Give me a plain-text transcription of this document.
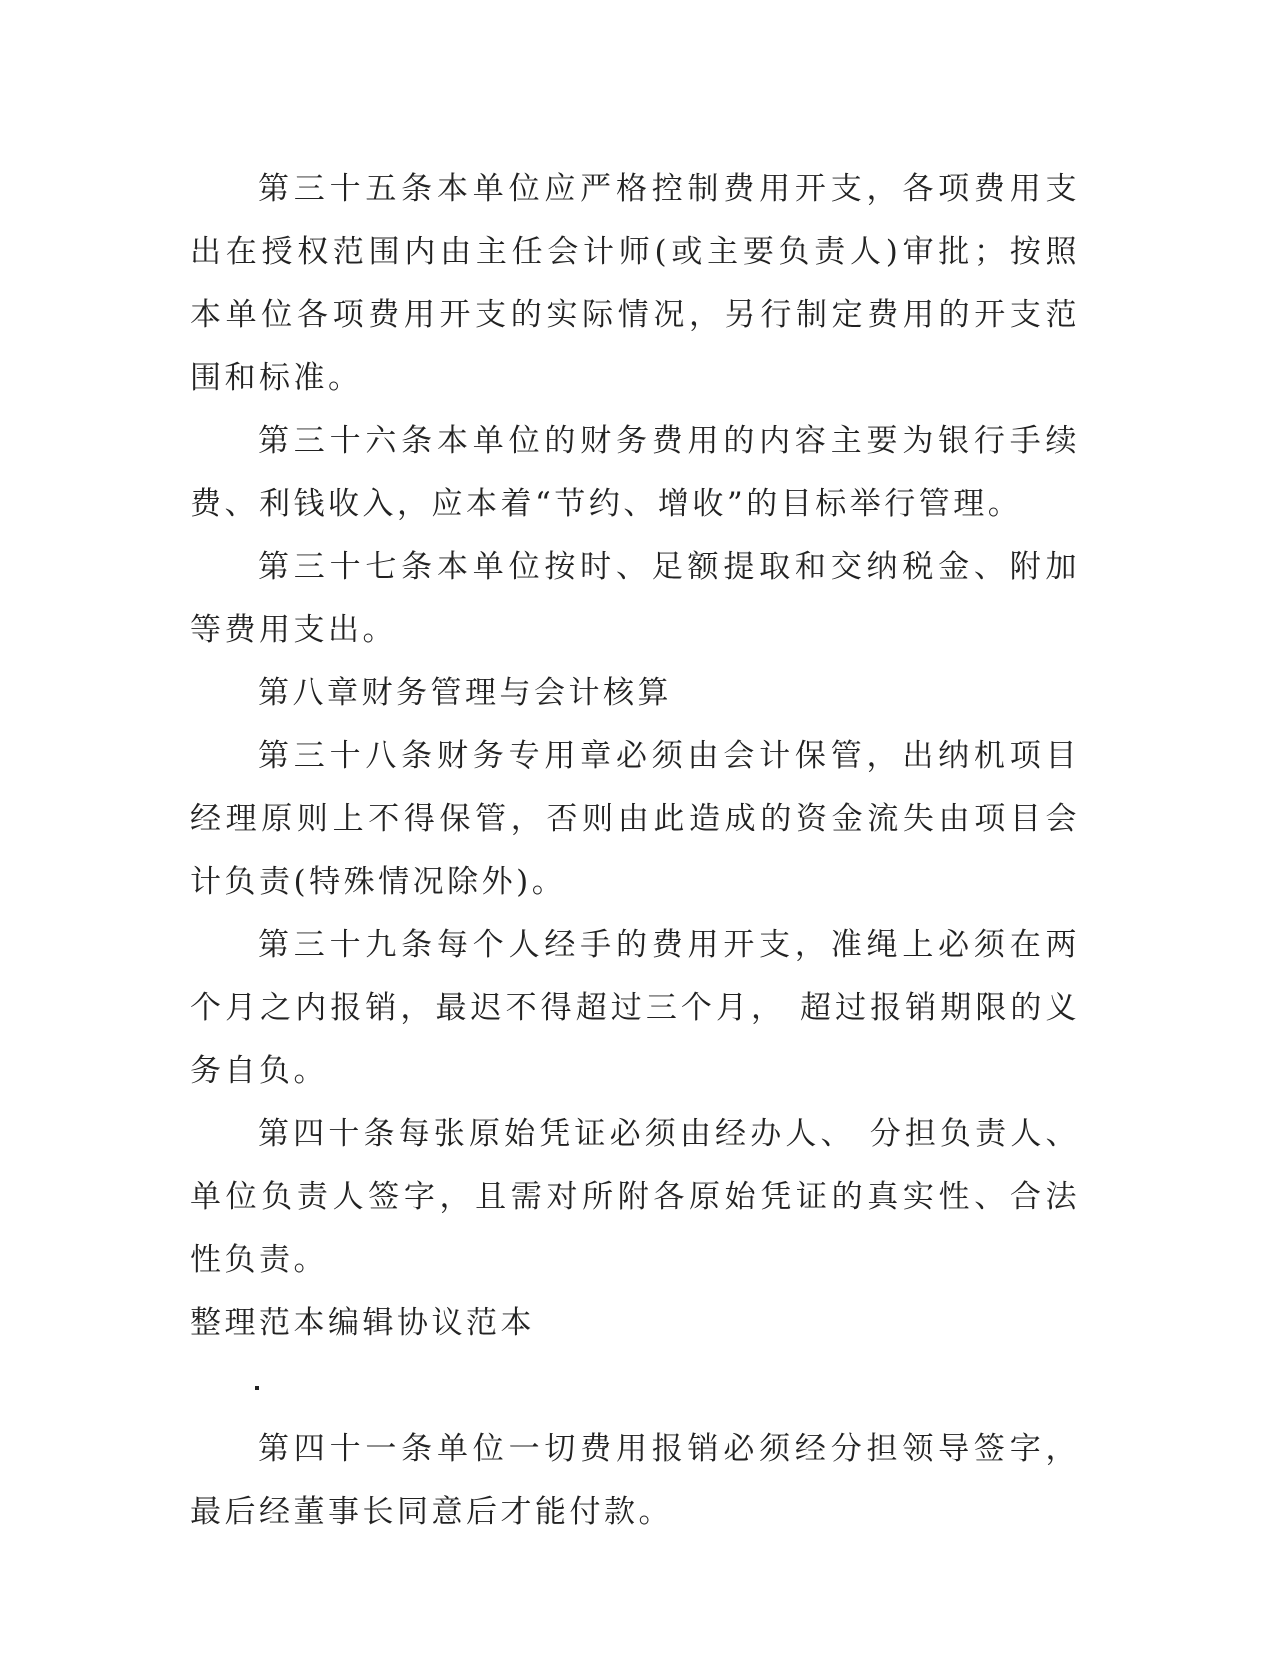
第三十五条本单位应严格控制费用开支，各项费用支出在授权范围内由主任会计师(或主要负责人)审批；按照本单位各项费用开支的实际情况，另行制定费用的开支范围和标准。

第三十六条本单位的财务费用的内容主要为银行手续费、利钱收入，应本着“节约、增收”的目标举行管理。

第三十七条本单位按时、足额提取和交纳税金、附加等费用支出。

第八章财务管理与会计核算

第三十八条财务专用章必须由会计保管，出纳机项目经理原则上不得保管，否则由此造成的资金流失由项目会计负责(特殊情况除外)。

第三十九条每个人经手的费用开支，准绳上必须在两个月之内报销，最迟不得超过三个月， 超过报销期限的义务自负。

第四十条每张原始凭证必须由经办人、 分担负责人、单位负责人签字，且需对所附各原始凭证的真实性、合法性负责。

整理范本编辑协议范本

第四十一条单位一切费用报销必须经分担领导签字，最后经董事长同意后才能付款。
